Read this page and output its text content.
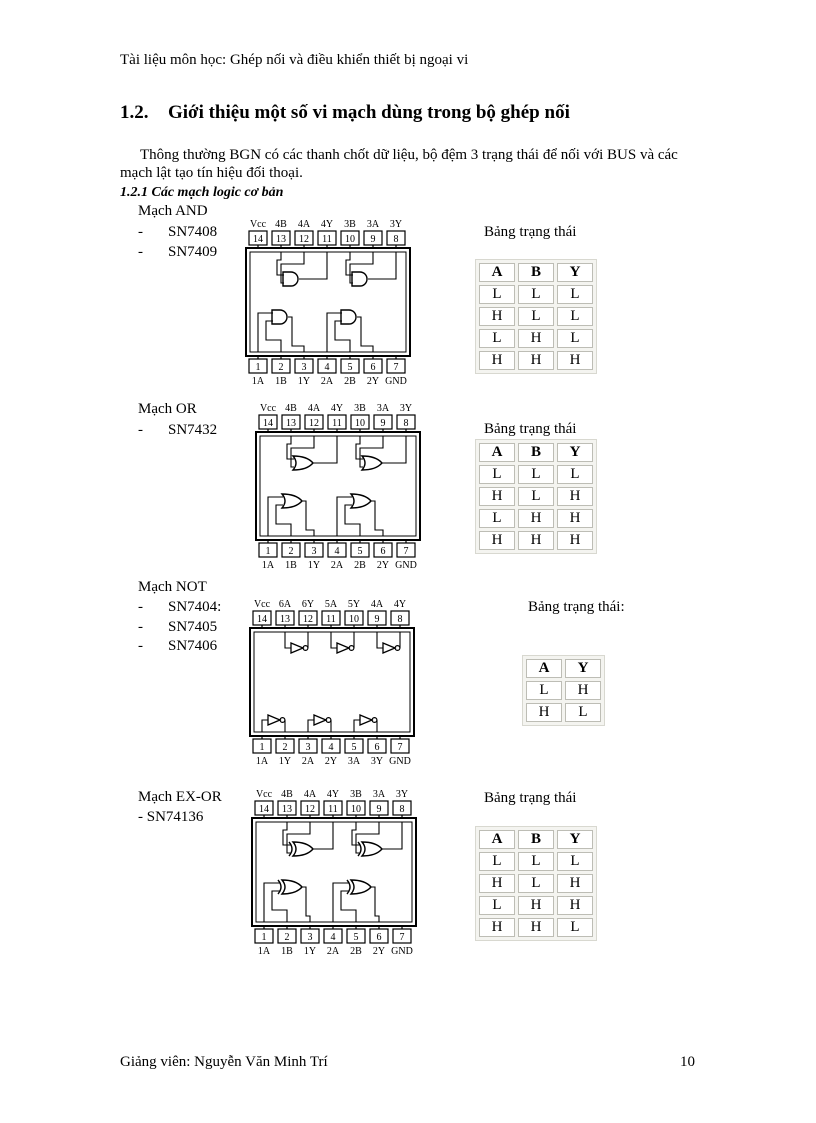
Tài liệu môn học: Ghép nối và điều khiển thiết bị ngoại vi
1.2. Giới thiệu một số vi mạch dùng trong bộ ghép nối
Thông thường BGN có các thanh chốt dữ liệu, bộ đệm 3 trạng thái để nối với BUS và các mạch lật tạo tín hiệu đối thoại.
1.2.1 Các mạch logic cơ bản
Mạch AND
- SN7408
- SN7409
Bảng trạng thái
Vcc 4B 4A 4Y 3B 3A 3Y
14 13 12 11 10 9 8
1 2 3 4 5 6 7
1A 1B 1Y 2A 2B 2Y GND
A	B	Y
L	L	L
H	L	L
L	H	L
H	H	H
Mạch OR
- SN7432	Bảng trạng thái
Vcc 4B 4A 4Y 3B 3A 3Y
14 13 12 11 10 9 8
1 2 3 4 5 6 7
1A 1B 1Y 2A 2B 2Y GND
A	B	Y
L	L	L
H	L	H
L	H	H
H	H	H
Mạch NOT
- SN7404:
- SN7405
- SN7406
Bảng trạng thái:
Vcc 6A 6Y 5A 5Y 4A 4Y
14 13 12 11 10 9 8
1 2 3 4 5 6 7
1A 1Y 2A 2Y 3A 3Y GND
A	Y
L	H
H	L
Mạch EX-OR
- SN74136
Bảng trạng thái
Vcc 4B 4A 4Y 3B 3A 3Y
14 13 12 11 10 9 8
1 2 3 4 5 6 7
1A 1B 1Y 2A 2B 2Y GND
A	B	Y
L	L	L
H	L	H
L	H	H
H	H	L
Giảng viên: Nguyễn Văn Minh Trí	10
